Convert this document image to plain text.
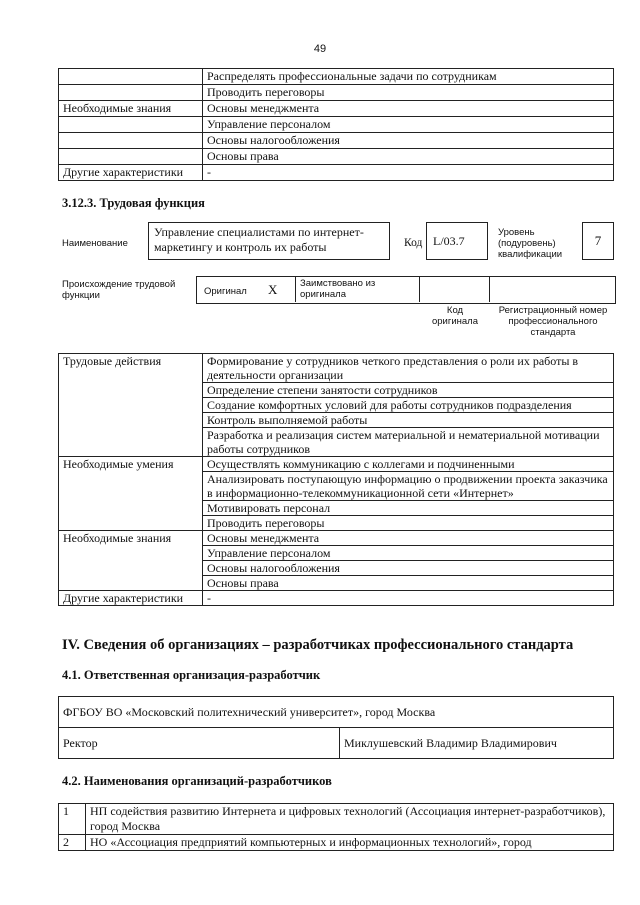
49
	Распределять профессиональные задачи по сотрудникам
	Проводить переговоры
Необходимые знания	Основы менеджмента
	Управление персоналом
	Основы налогообложения
	Основы права
Другие характеристики	-
3.12.3. Трудовая функция
Наименование
Управление специалистами по интернет-маркетингу и контроль их работы	Код L/03.7
Уровень (подуровень) квалификации
7
Происхождение трудовой функции	Оригинал X Заимствовано из оригинала
Код оригинала
Регистрационный номер профессионального стандарта
Трудовые действия	Формирование у сотрудников четкого представления о роли их работы в деятельности организации
	Определение степени занятости сотрудников
	Создание комфортных условий для работы сотрудников подразделения
	Контроль выполняемой работы
	Разработка и реализация систем материальной и нематериальной мотивации работы сотрудников
Необходимые умения	Осуществлять коммуникацию с коллегами и подчиненными
	Анализировать поступающую информацию о продвижении проекта заказчика в информационно-телекоммуникационной сети «Интернет»
	Мотивировать персонал
	Проводить переговоры
Необходимые знания	Основы менеджмента
	Управление персоналом
	Основы налогообложения
	Основы права
Другие характеристики	-
IV. Сведения об организациях – разработчиках профессионального стандарта
4.1. Ответственная организация-разработчик
ФГБОУ ВО «Московский политехнический университет», город Москва
Ректор	Миклушевский Владимир Владимирович
4.2. Наименования организаций-разработчиков
1	НП содействия развитию Интернета и цифровых технологий (Ассоциация интернет-разработчиков), город Москва
2	НО «Ассоциация предприятий компьютерных и информационных технологий», город
